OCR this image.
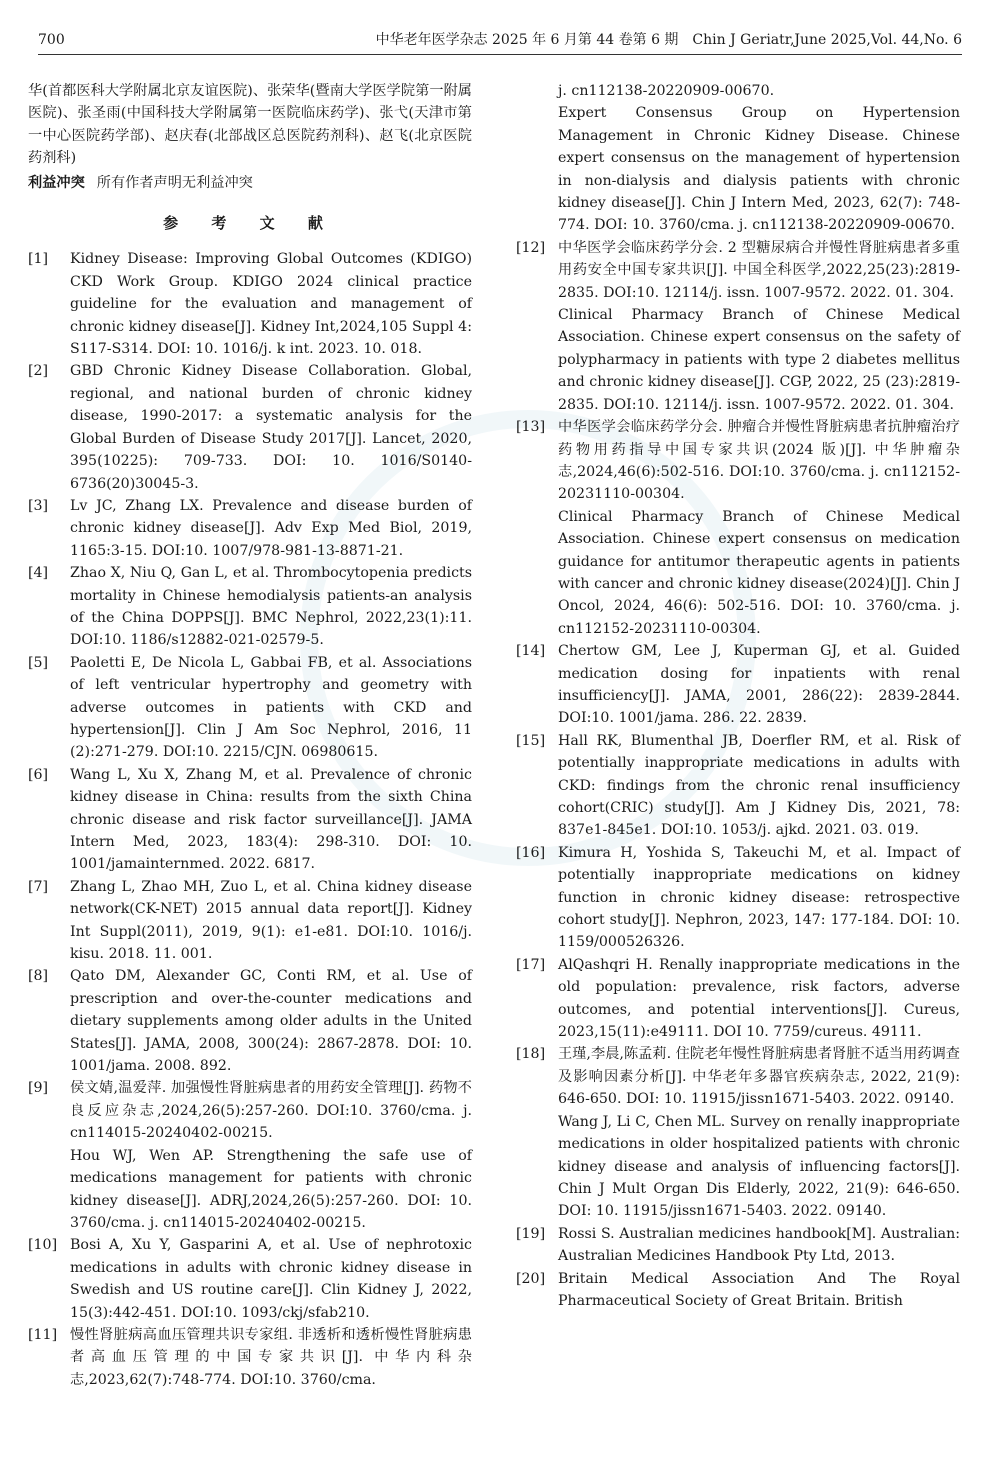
700	中华老年医学杂志 2025 年 6 月第 44 卷第 6 期　Chin J Geriatr,June 2025,Vol. 44,No. 6

华(首都医科大学附属北京友谊医院)、张荣华(暨南大学医学院第一附属医院)、张圣雨(中国科技大学附属第一医院临床药学)、张弋(天津市第一中心医院药学部)、赵庆春(北部战区总医院药剂科)、赵飞(北京医院药剂科)

利益冲突 所有作者声明无利益冲突

参 考 文 献
[1]	Kidney Disease: Improving Global Outcomes (KDIGO) CKD Work Group. KDIGO 2024 clinical practice guideline for the evaluation and management of chronic kidney disease[J]. Kidney Int,2024,105 Suppl 4: S117-S314. DOI: 10. 1016/j. k int. 2023. 10. 018.

[2]	GBD Chronic Kidney Disease Collaboration. Global, regional, and national burden of chronic kidney disease, 1990-2017: a systematic analysis for the Global Burden of Disease Study 2017[J]. Lancet, 2020, 395(10225): 709-733. DOI: 10. 1016/S0140-6736(20)30045-3.

[3]	Lv JC, Zhang LX. Prevalence and disease burden of chronic kidney disease[J]. Adv Exp Med Biol, 2019, 1165:3-15. DOI:10. 1007/978-981-13-8871-21.

[4]	Zhao X, Niu Q, Gan L, et al. Thrombocytopenia predicts mortality in Chinese hemodialysis patients-an analysis of the China DOPPS[J]. BMC Nephrol, 2022,23(1):11. DOI:10. 1186/s12882-021-02579-5.

[5]	Paoletti E, De Nicola L, Gabbai FB, et al. Associations of left ventricular hypertrophy and geometry with adverse outcomes in patients with CKD and hypertension[J]. Clin J Am Soc Nephrol, 2016, 11 (2):271-279. DOI:10. 2215/CJN. 06980615.

[6]	Wang L, Xu X, Zhang M, et al. Prevalence of chronic kidney disease in China: results from the sixth China chronic disease and risk factor surveillance[J]. JAMA Intern Med, 2023, 183(4): 298-310. DOI: 10. 1001/jamainternmed. 2022. 6817.

[7]	Zhang L, Zhao MH, Zuo L, et al. China kidney disease network(CK-NET) 2015 annual data report[J]. Kidney Int Suppl(2011), 2019, 9(1): e1-e81. DOI:10. 1016/j. kisu. 2018. 11. 001.

[8]	Qato DM, Alexander GC, Conti RM, et al. Use of prescription and over-the-counter medications and dietary supplements among older adults in the United States[J]. JAMA, 2008, 300(24): 2867-2878. DOI: 10. 1001/jama. 2008. 892.

[9]	侯文婧,温爱萍. 加强慢性肾脏病患者的用药安全管理[J]. 药物不良反应杂志,2024,26(5):257-260. DOI:10. 3760/cma. j. cn114015-20240402-00215.

Hou WJ, Wen AP. Strengthening the safe use of medications management for patients with chronic kidney disease[J]. ADRJ,2024,26(5):257-260. DOI: 10. 3760/cma. j. cn114015-20240402-00215.

[10] Bosi A, Xu Y, Gasparini A, et al. Use of nephrotoxic medications in adults with chronic kidney disease in Swedish and US routine care[J]. Clin Kidney J, 2022, 15(3):442-451. DOI:10. 1093/ckj/sfab210.

[11] 慢性肾脏病高血压管理共识专家组. 非透析和透析慢性肾脏病患者高血压管理的中国专家共识[J]. 中华内科杂志,2023,62(7):748-774. DOI:10. 3760/cma.

j. cn112138-20220909-00670.

Expert Consensus Group on Hypertension Management in Chronic Kidney Disease. Chinese expert consensus on the management of hypertension in non-dialysis and dialysis patients with chronic kidney disease[J]. Chin J Intern Med, 2023, 62(7): 748-774. DOI: 10. 3760/cma. j. cn112138-20220909-00670.

[12] 中华医学会临床药学分会. 2 型糖尿病合并慢性肾脏病患者多重用药安全中国专家共识[J]. 中国全科医学,2022,25(23):2819-2835. DOI:10. 12114/j. issn. 1007-9572. 2022. 01. 304.

Clinical Pharmacy Branch of Chinese Medical Association. Chinese expert consensus on the safety of polypharmacy in patients with type 2 diabetes mellitus and chronic kidney disease[J]. CGP, 2022, 25 (23):2819-2835. DOI:10. 12114/j. issn. 1007-9572. 2022. 01. 304.

[13] 中华医学会临床药学分会. 肿瘤合并慢性肾脏病患者抗肿瘤治疗药物用药指导中国专家共识(2024 版)[J]. 中华肿瘤杂志,2024,46(6):502-516. DOI:10. 3760/cma. j. cn112152-20231110-00304.

Clinical Pharmacy Branch of Chinese Medical Association. Chinese expert consensus on medication guidance for antitumor therapeutic agents in patients with cancer and chronic kidney disease(2024)[J]. Chin J Oncol, 2024, 46(6): 502-516. DOI: 10. 3760/cma. j. cn112152-20231110-00304.

[14] Chertow GM, Lee J, Kuperman GJ, et al. Guided medication dosing for inpatients with renal insufficiency[J]. JAMA, 2001, 286(22): 2839-2844. DOI:10. 1001/jama. 286. 22. 2839.

[15] Hall RK, Blumenthal JB, Doerfler RM, et al. Risk of potentially inappropriate medications in adults with CKD: findings from the chronic renal insufficiency cohort(CRIC) study[J]. Am J Kidney Dis, 2021, 78: 837e1-845e1. DOI:10. 1053/j. ajkd. 2021. 03. 019.

[16] Kimura H, Yoshida S, Takeuchi M, et al. Impact of potentially inappropriate medications on kidney function in chronic kidney disease: retrospective cohort study[J]. Nephron, 2023, 147: 177-184. DOI: 10. 1159/000526326.

[17] AlQashqri H. Renally inappropriate medications in the old population: prevalence, risk factors, adverse outcomes, and potential interventions[J]. Cureus, 2023,15(11):e49111. DOI 10. 7759/cureus. 49111.

[18] 王瑾,李晨,陈孟莉. 住院老年慢性肾脏病患者肾脏不适当用药调查及影响因素分析[J]. 中华老年多器官疾病杂志, 2022, 21(9): 646-650. DOI: 10. 11915/jissn1671-5403. 2022. 09140.

Wang J, Li C, Chen ML. Survey on renally inappropriate medications in older hospitalized patients with chronic kidney disease and analysis of influencing factors[J]. Chin J Mult Organ Dis Elderly, 2022, 21(9): 646-650. DOI: 10. 11915/jissn1671-5403. 2022. 09140.

[19] Rossi S. Australian medicines handbook[M]. Australian: Australian Medicines Handbook Pty Ltd, 2013.

[20] Britain Medical Association And The Royal Pharmaceutical Society of Great Britain. British
